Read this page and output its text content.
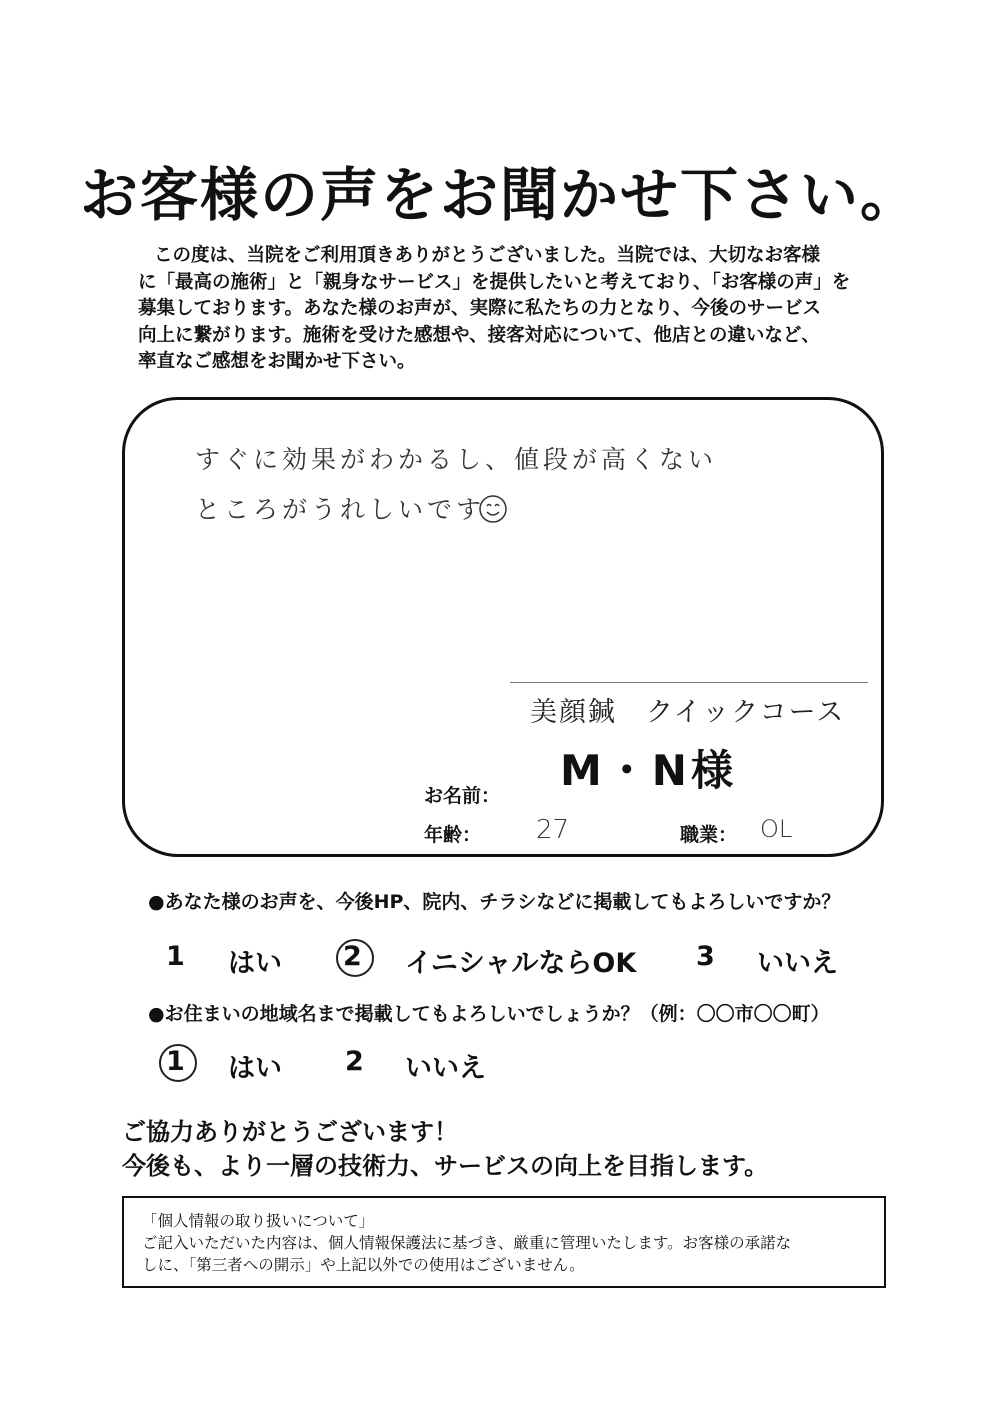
お客様の声をお聞かせ下さい。
この度は、当院をご利用頂きありがとうございました。当院では、大切なお客様
に「最高の施術」と「親身なサービス」を提供したいと考えており、「お客様の声」を
募集しております。あなた様のお声が、実際に私たちの力となり、今後のサービス
向上に繋がります。施術を受けた感想や、接客対応について、他店との違いなど、
率直なご感想をお聞かせ下さい。
すぐに効果がわかるし、値段が高くない
ところがうれしいです
美顔鍼　クイックコース
M・N様
お名前：
年齢： 27	職業： OL
●あなた様のお声を、今後HP、院内、チラシなどに掲載してもよろしいですか？
1 はい 2 イニシャルならOK 3 いいえ
●お住まいの地域名まで掲載してもよろしいでしょうか？（例：〇〇市〇〇町）
1 はい 2 いいえ
ご協力ありがとうございます！
今後も、より一層の技術力、サービスの向上を目指します。
「個人情報の取り扱いについて」
ご記入いただいた内容は、個人情報保護法に基づき、厳重に管理いたします。お客様の承諾な
しに、「第三者への開示」や上記以外での使用はございません。
